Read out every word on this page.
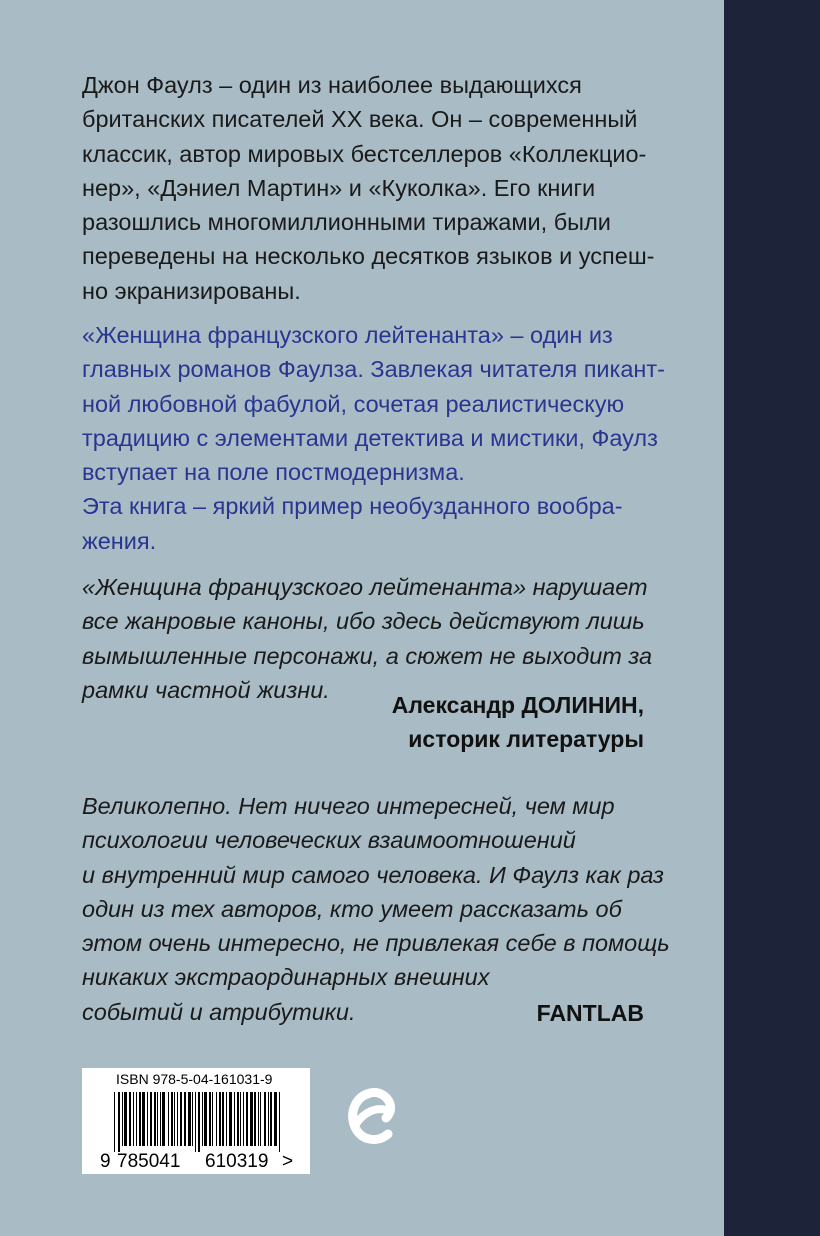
Джон Фаулз – один из наиболее выдающихся
британских писателей XX века. Он – современный
классик, автор мировых бестселлеров «Коллекцио-
нер», «Дэниел Мартин» и «Куколка». Его книги
разошлись многомиллионными тиражами, были
переведены на несколько десятков языков и успеш-
но экранизированы.

«Женщина французского лейтенанта» – один из
главных романов Фаулза. Завлекая читателя пикант-
ной любовной фабулой, сочетая реалистическую
традицию с элементами детектива и мистики, Фаулз
вступает на поле постмодернизма.
Эта книга – яркий пример необузданного вообра-
жения.

«Женщина французского лейтенанта» нарушает
все жанровые каноны, ибо здесь действуют лишь
вымышленные персонажи, а сюжет не выходит за
рамки частной жизни.

Александр ДОЛИНИН,
историк литературы

Великолепно. Нет ничего интересней, чем мир
психологии человеческих взаимоотношений
и внутренний мир самого человека. И Фаулз как раз
один из тех авторов, кто умеет рассказать об
этом очень интересно, не привлекая себе в помощь
никаких экстраординарных внешних
событий и атрибутики.	FANTLAB
ISBN 978-5-04-161031-9
9 785041 610319 >
